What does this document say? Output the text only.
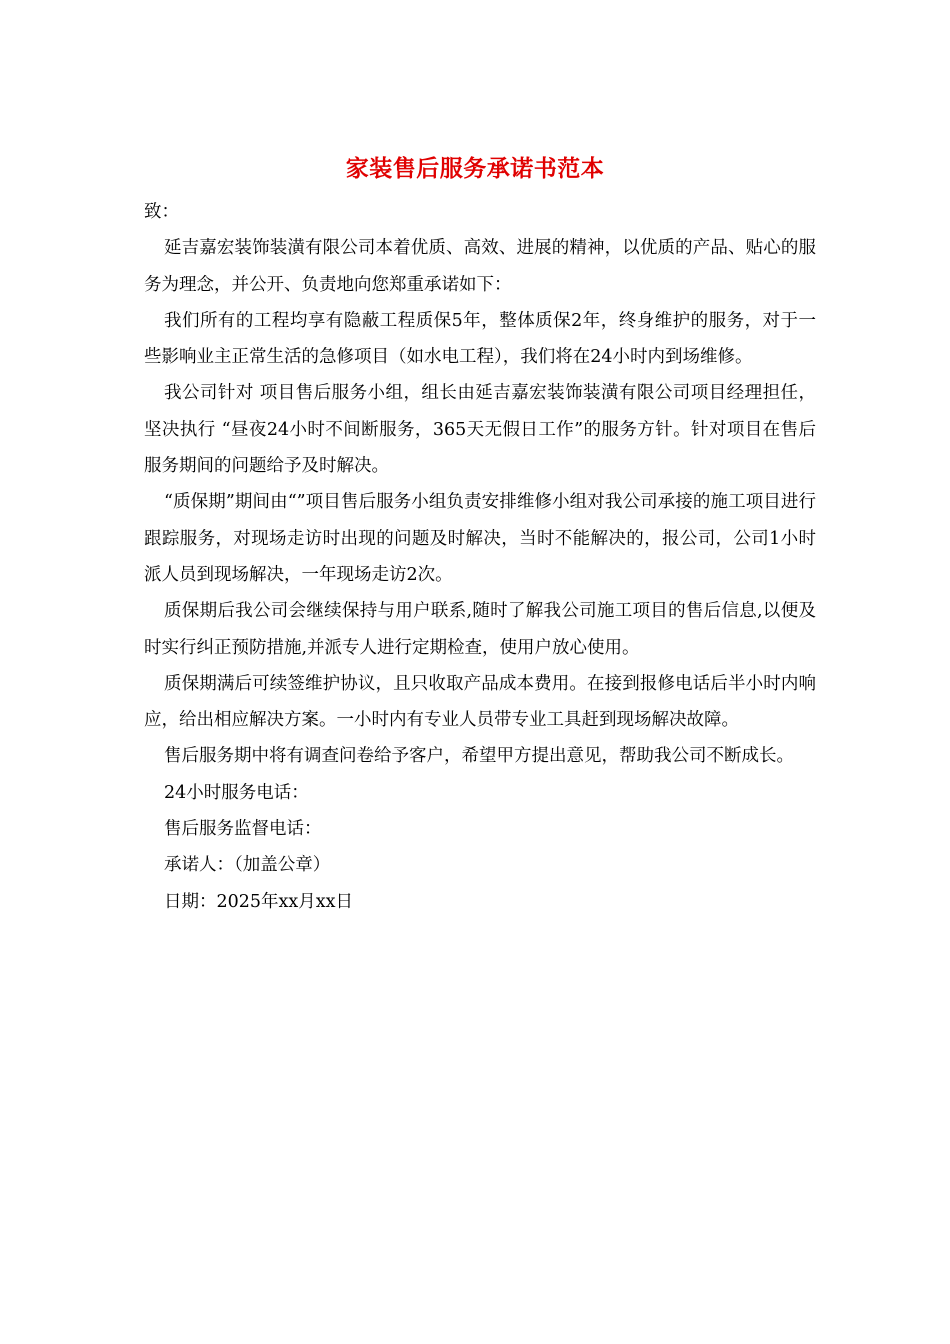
家装售后服务承诺书范本

致：

延吉嘉宏装饰装潢有限公司本着优质、高效、进展的精神，以优质的产品、贴心的服务为理念，并公开、负责地向您郑重承诺如下：

我们所有的工程均享有隐蔽工程质保5年，整体质保2年，终身维护的服务，对于一些影响业主正常生活的急修项目（如水电工程），我们将在24小时内到场维修。

我公司针对 项目售后服务小组，组长由延吉嘉宏装饰装潢有限公司项目经理担任，坚决执行 “昼夜24小时不间断服务，365天无假日工作”的服务方针。针对项目在售后服务期间的问题给予及时解决。

“质保期”期间由“”项目售后服务小组负责安排维修小组对我公司承接的施工项目进行跟踪服务，对现场走访时出现的问题及时解决，当时不能解决的，报公司，公司1小时派人员到现场解决，一年现场走访2次。

质保期后我公司会继续保持与用户联系,随时了解我公司施工项目的售后信息,以便及时实行纠正预防措施,并派专人进行定期检查，使用户放心使用。

质保期满后可续签维护协议，且只收取产品成本费用。在接到报修电话后半小时内响应，给出相应解决方案。一小时内有专业人员带专业工具赶到现场解决故障。

售后服务期中将有调查问卷给予客户，希望甲方提出意见，帮助我公司不断成长。

24小时服务电话：

售后服务监督电话：

承诺人：（加盖公章）

日期：2025年xx月xx日
